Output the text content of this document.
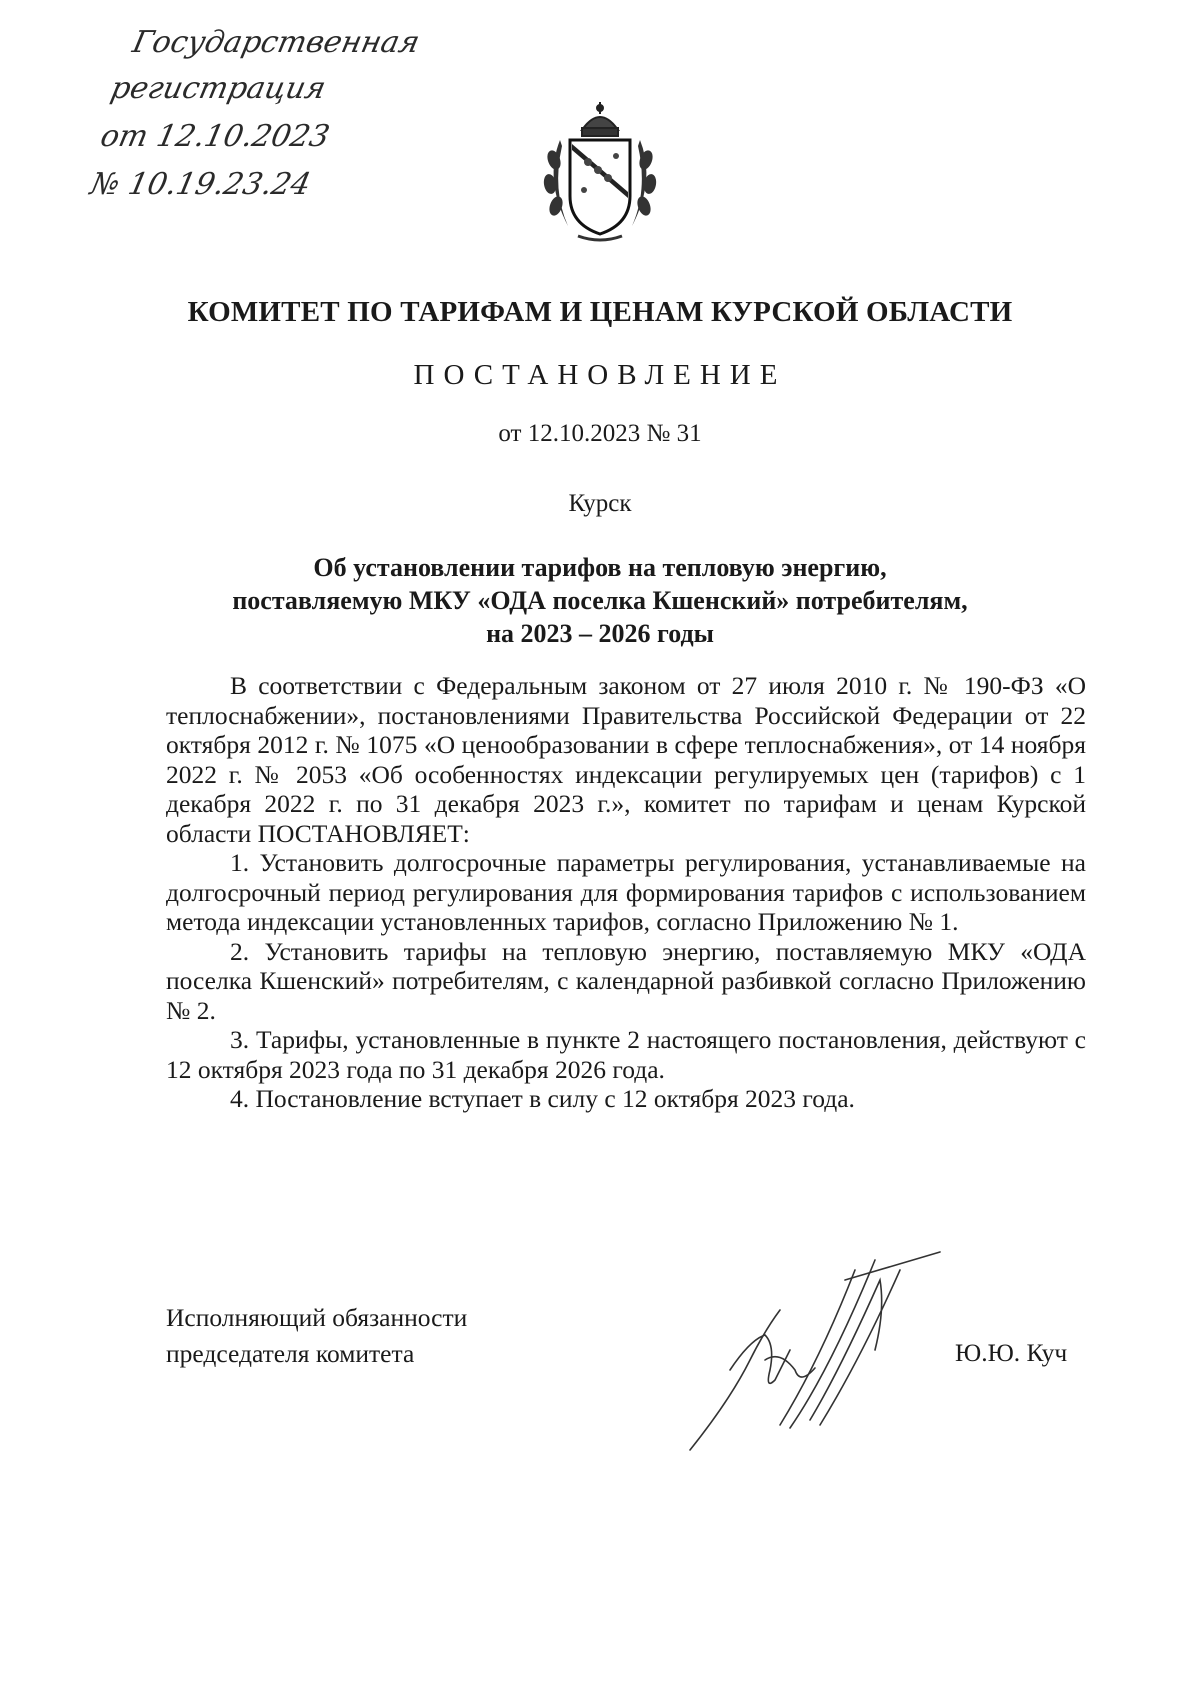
Государственная
регистрация
от 12.10.2023
№ 10.19.23.24
КОМИТЕТ ПО ТАРИФАМ И ЦЕНАМ КУРСКОЙ ОБЛАСТИ
ПОСТАНОВЛЕНИЕ
от 12.10.2023 № 31
Курск
Об установлении тарифов на тепловую энергию,
поставляемую МКУ «ОДА поселка Кшенский» потребителям,
на 2023 – 2026 годы

В соответствии с Федеральным законом от 27 июля 2010 г. № 190-ФЗ «О теплоснабжении», постановлениями Правительства Российской Федерации от 22 октября 2012 г. № 1075 «О ценообразовании в сфере теплоснабжения», от 14 ноября 2022 г. № 2053 «Об особенностях индексации регулируемых цен (тарифов) с 1 декабря 2022 г. по 31 декабря 2023 г.», комитет по тарифам и ценам Курской области ПОСТАНОВЛЯЕТ:

1. Установить долгосрочные параметры регулирования, устанавливаемые на долгосрочный период регулирования для формирования тарифов с использованием метода индексации установленных тарифов, согласно Приложению № 1.

2. Установить тарифы на тепловую энергию, поставляемую МКУ «ОДА поселка Кшенский» потребителям, с календарной разбивкой согласно Приложению № 2.

3. Тарифы, установленные в пункте 2 настоящего постановления, действуют с 12 октября 2023 года по 31 декабря 2026 года.

4. Постановление вступает в силу с 12 октября 2023 года.

Исполняющий обязанности
председателя комитета	Ю.Ю. Куч
